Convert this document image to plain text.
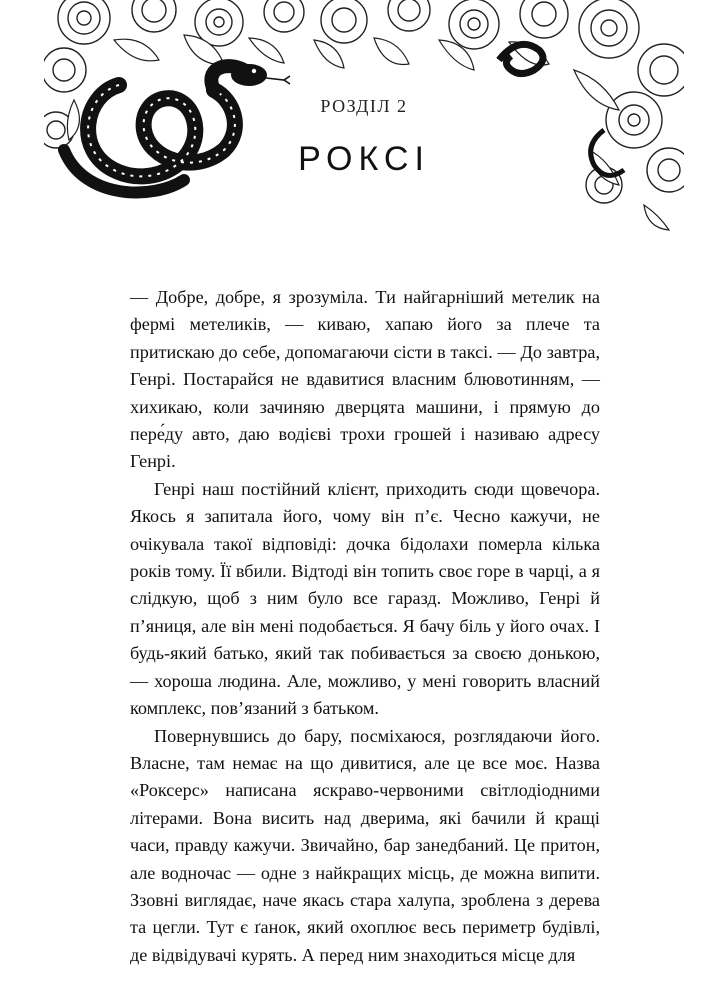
РОЗДІЛ 2
РОКСІ

— Добре, добре, я зрозуміла. Ти найгарніший метелик на фермі метеликів, — киваю, хапаю його за плече та притискаю до себе, допомагаючи сісти в таксі. — До завтра, Генрі. Постарайся не вдавитися власним блювотинням, — хихикаю, коли зачиняю дверцята машини, і прямую до пере́ду авто, даю водієві трохи грошей і називаю адресу Генрі.

Генрі наш постійний клієнт, приходить сюди щовечора. Якось я запитала його, чому він п’є. Чесно кажучи, не очікувала такої відповіді: дочка бідолахи померла кілька років тому. Її вбили. Відтоді він топить своє горе в чарці, а я слідкую, щоб з ним було все гаразд. Можливо, Генрі й п’яниця, але він мені подобається. Я бачу біль у його очах. І будь-який батько, який так побивається за своєю донькою, — хороша людина. Але, можливо, у мені говорить власний комплекс, пов’язаний з батьком.

Повернувшись до бару, посміхаюся, розглядаючи його. Власне, там немає на що дивитися, але це все моє. Назва «Роксерс» написана яскраво-червоними світлодіодними літерами. Вона висить над дверима, які бачили й кращі часи, правду кажучи. Звичайно, бар занедбаний. Це притон, але водночас — одне з найкращих місць, де можна випити. Ззовні виглядає, наче якась стара халупа, зроблена з дерева та цегли. Тут є ґанок, який охоплює весь периметр будівлі, де відвідувачі курять. А перед ним знаходиться місце для
